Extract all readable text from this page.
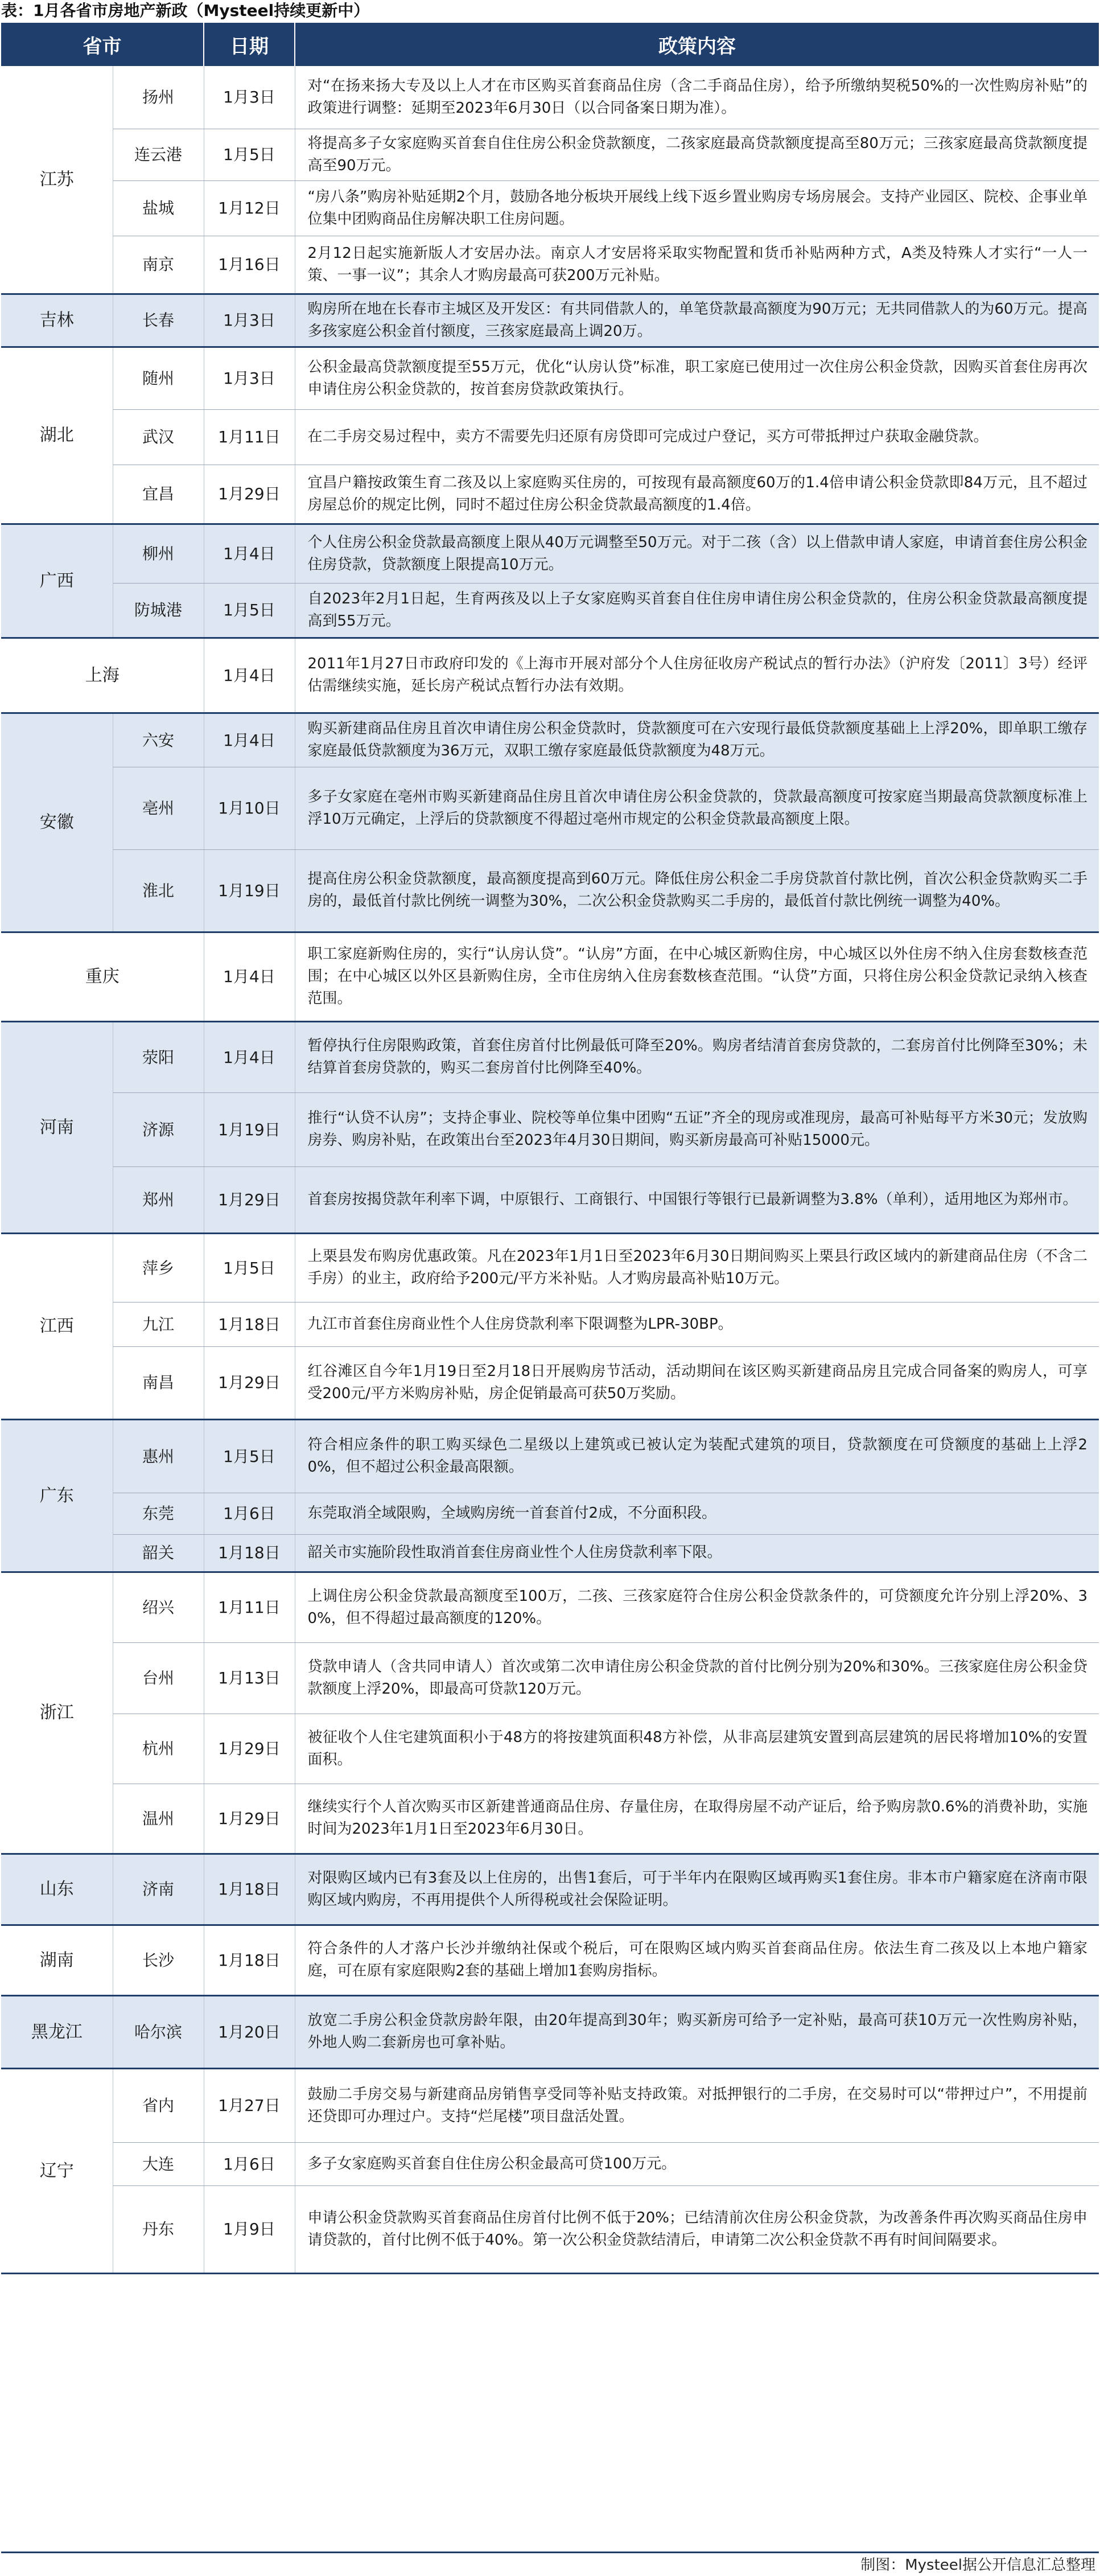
表：1月各省市房地产新政（Mysteel持续更新中）
省市		日期	政策内容
江苏	扬州	1月3日	对“在扬来扬大专及以上人才在市区购买首套商品住房（含二手商品住房），给予所缴纳契税50%的一次性购房补贴”的政策进行调整：延期至2023年6月30日（以合同备案日期为准）。
	连云港	1月5日	将提高多子女家庭购买首套自住住房公积金贷款额度，二孩家庭最高贷款额度提高至80万元；三孩家庭最高贷款额度提高至90万元。
	盐城	1月12日	“房八条”购房补贴延期2个月，鼓励各地分板块开展线上线下返乡置业购房专场房展会。支持产业园区、院校、企事业单位集中团购商品住房解决职工住房问题。
	南京	1月16日	2月12日起实施新版人才安居办法。南京人才安居将采取实物配置和货币补贴两种方式，A类及特殊人才实行“一人一策、一事一议”；其余人才购房最高可获200万元补贴。
吉林	长春	1月3日	购房所在地在长春市主城区及开发区：有共同借款人的，单笔贷款最高额度为90万元；无共同借款人的为60万元。提高多孩家庭公积金首付额度，三孩家庭最高上调20万。
湖北	随州	1月3日	公积金最高贷款额度提至55万元，优化“认房认贷”标准，职工家庭已使用过一次住房公积金贷款，因购买首套住房再次申请住房公积金贷款的，按首套房贷款政策执行。
	武汉	1月11日	在二手房交易过程中，卖方不需要先归还原有房贷即可完成过户登记，买方可带抵押过户获取金融贷款。
	宜昌	1月29日	宜昌户籍按政策生育二孩及以上家庭购买住房的，可按现有最高额度60万的1.4倍申请公积金贷款即84万元，且不超过房屋总价的规定比例，同时不超过住房公积金贷款最高额度的1.4倍。
广西	柳州	1月4日	个人住房公积金贷款最高额度上限从40万元调整至50万元。对于二孩（含）以上借款申请人家庭，申请首套住房公积金住房贷款，贷款额度上限提高10万元。
	防城港	1月5日	自2023年2月1日起，生育两孩及以上子女家庭购买首套自住住房申请住房公积金贷款的，住房公积金贷款最高额度提高到55万元。
上海		1月4日	2011年1月27日市政府印发的《上海市开展对部分个人住房征收房产税试点的暂行办法》（沪府发〔2011〕3号）经评估需继续实施，延长房产税试点暂行办法有效期。
安徽	六安	1月4日	购买新建商品住房且首次申请住房公积金贷款时，贷款额度可在六安现行最低贷款额度基础上上浮20%，即单职工缴存家庭最低贷款额度为36万元，双职工缴存家庭最低贷款额度为48万元。
	亳州	1月10日	多子女家庭在亳州市购买新建商品住房且首次申请住房公积金贷款的，贷款最高额度可按家庭当期最高贷款额度标准上浮10万元确定，上浮后的贷款额度不得超过亳州市规定的公积金贷款最高额度上限。
	淮北	1月19日	提高住房公积金贷款额度，最高额度提高到60万元。降低住房公积金二手房贷款首付款比例，首次公积金贷款购买二手房的，最低首付款比例统一调整为30%，二次公积金贷款购买二手房的，最低首付款比例统一调整为40%。
重庆		1月4日	职工家庭新购住房的，实行“认房认贷”。“认房”方面，在中心城区新购住房，中心城区以外住房不纳入住房套数核查范围；在中心城区以外区县新购住房，全市住房纳入住房套数核查范围。“认贷”方面，只将住房公积金贷款记录纳入核查范围。
河南	荥阳	1月4日	暂停执行住房限购政策，首套住房首付比例最低可降至20%。购房者结清首套房贷款的，二套房首付比例降至30%；未结算首套房贷款的，购买二套房首付比例降至40%。
	济源	1月19日	推行“认贷不认房”；支持企事业、院校等单位集中团购“五证”齐全的现房或准现房，最高可补贴每平方米30元；发放购房券、购房补贴，在政策出台至2023年4月30日期间，购买新房最高可补贴15000元。
	郑州	1月29日	首套房按揭贷款年利率下调，中原银行、工商银行、中国银行等银行已最新调整为3.8%（单利），适用地区为郑州市。
江西	萍乡	1月5日	上栗县发布购房优惠政策。凡在2023年1月1日至2023年6月30日期间购买上栗县行政区域内的新建商品住房（不含二手房）的业主，政府给予200元/平方米补贴。人才购房最高补贴10万元。
	九江	1月18日	九江市首套住房商业性个人住房贷款利率下限调整为LPR-30BP。
	南昌	1月29日	红谷滩区自今年1月19日至2月18日开展购房节活动，活动期间在该区购买新建商品房且完成合同备案的购房人，可享受200元/平方米购房补贴，房企促销最高可获50万奖励。
广东	惠州	1月5日	符合相应条件的职工购买绿色二星级以上建筑或已被认定为装配式建筑的项目，贷款额度在可贷额度的基础上上浮20%，但不超过公积金最高限额。
	东莞	1月6日	东莞取消全域限购，全域购房统一首套首付2成，不分面积段。
	韶关	1月18日	韶关市实施阶段性取消首套住房商业性个人住房贷款利率下限。
浙江	绍兴	1月11日	上调住房公积金贷款最高额度至100万，二孩、三孩家庭符合住房公积金贷款条件的，可贷额度允许分别上浮20%、30%，但不得超过最高额度的120%。
	台州	1月13日	贷款申请人（含共同申请人）首次或第二次申请住房公积金贷款的首付比例分别为20%和30%。三孩家庭住房公积金贷款额度上浮20%，即最高可贷款120万元。
	杭州	1月29日	被征收个人住宅建筑面积小于48方的将按建筑面积48方补偿，从非高层建筑安置到高层建筑的居民将增加10%的安置面积。
	温州	1月29日	继续实行个人首次购买市区新建普通商品住房、存量住房，在取得房屋不动产证后，给予购房款0.6%的消费补助，实施时间为2023年1月1日至2023年6月30日。
山东	济南	1月18日	对限购区域内已有3套及以上住房的，出售1套后，可于半年内在限购区域再购买1套住房。非本市户籍家庭在济南市限购区域内购房，不再用提供个人所得税或社会保险证明。
湖南	长沙	1月18日	符合条件的人才落户长沙并缴纳社保或个税后，可在限购区域内购买首套商品住房。依法生育二孩及以上本地户籍家庭，可在原有家庭限购2套的基础上增加1套购房指标。
黑龙江	哈尔滨	1月20日	放宽二手房公积金贷款房龄年限，由20年提高到30年；购买新房可给予一定补贴，最高可获10万元一次性购房补贴，外地人购二套新房也可拿补贴。
辽宁	省内	1月27日	鼓励二手房交易与新建商品房销售享受同等补贴支持政策。对抵押银行的二手房，在交易时可以“带押过户”，不用提前还贷即可办理过户。支持“烂尾楼”项目盘活处置。
	大连	1月6日	多子女家庭购买首套自住住房公积金最高可贷100万元。
	丹东	1月9日	申请公积金贷款购买首套商品住房首付比例不低于20%；已结清前次住房公积金贷款，为改善条件再次购买商品住房申请贷款的，首付比例不低于40%。第一次公积金贷款结清后，申请第二次公积金贷款不再有时间间隔要求。
制图：Mysteel据公开信息汇总整理
